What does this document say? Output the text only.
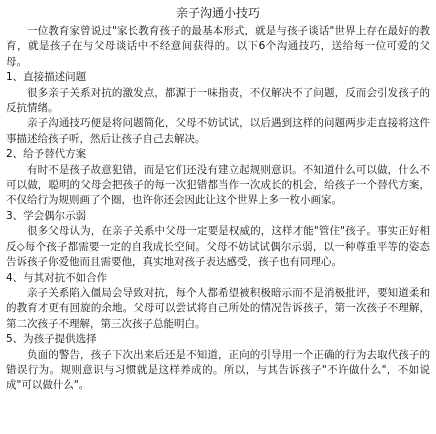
亲子沟通小技巧

一位教育家曾说过"家长教育孩子的最基本形式，就是与孩子谈话"世界上存在最好的教育，就是孩子在与父母谈话中不经意间获得的。以下6个沟通技巧，送给每一位可爱的父母。

1、直接描述问题

很多亲子关系对抗的激发点，都源于一味指责，不仅解决不了问题，反而会引发孩子的反抗情绪。

亲子沟通技巧便是将问题简化，父母不妨试试，以后遇到这样的问题两步走直接将这件事描述给孩子听，然后让孩子自己去解决。

2、给予替代方案

有时不是孩子故意犯错，而是它们还没有建立起规则意识。不知道什么可以做，什么不可以做，聪明的父母会把孩子的每一次犯错都当作一次成长的机会，给孩子一个替代方案，不仅给行为规则画了个圈，也许你还会因此让这个世界上多一枚小画家。

3、学会偶尔示弱

很多父母认为，在亲子关系中父母一定要是权威的，这样才能"管住"孩子。事实正好相反◇每个孩子都需要一定的自我成长空间。父母不妨试试偶尔示弱，以一种尊重平等的姿态告诉孩子你爱他而且需要他，真实地对孩子表达感受，孩子也有同理心。

4、与其对抗不如合作

亲子关系陷入僵局会导致对抗，每个人都希望被积极暗示而不是消极批评，要知道柔和的教育才更有回旋的余地。父母可以尝试将自己所处的情况告诉孩子，第一次孩子不理解，第二次孩子不理解，第三次孩子总能明白。

5、为孩子提供选择

负面的警告，孩子下次出来后还是不知道，正向的引导用一个正确的行为去取代孩子的错误行为。规则意识与习惯就是这样养成的。所以，与其告诉孩子"不许做什么"，不如说成"可以做什么"。
